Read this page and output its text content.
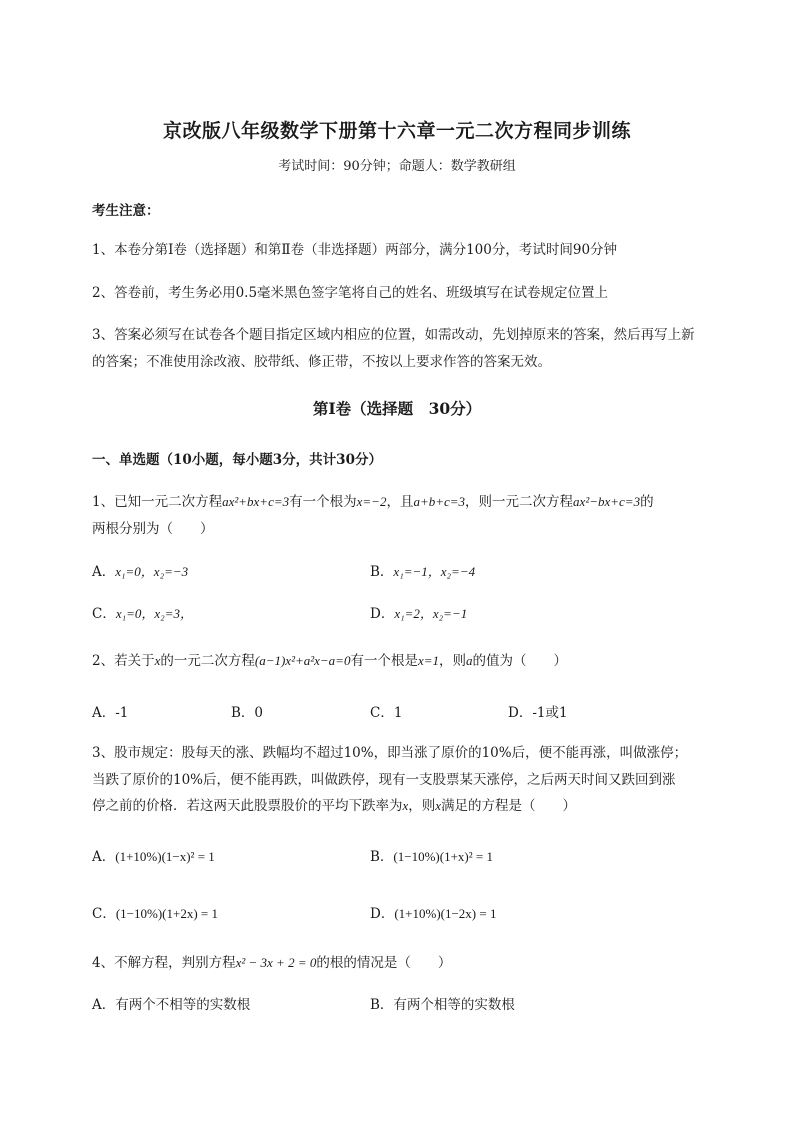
京改版八年级数学下册第十六章一元二次方程同步训练
考试时间：90分钟；命题人：数学教研组
考生注意：
1、本卷分第I卷（选择题）和第Ⅱ卷（非选择题）两部分，满分100分，考试时间90分钟
2、答卷前，考生务必用0.5毫米黑色签字笔将自己的姓名、班级填写在试卷规定位置上
3、答案必须写在试卷各个题目指定区域内相应的位置，如需改动，先划掉原来的答案，然后再写上新
的答案；不准使用涂改液、胶带纸、修正带，不按以上要求作答的答案无效。
第I卷（选择题　30分）
一、单选题（10小题，每小题3分，共计30分）
1、已知一元二次方程ax²+bx+c=3有一个根为x=−2，且a+b+c=3，则一元二次方程ax²−bx+c=3的
两根分别为（　　）
A．x₁=0，x₂=−3	B．x₁=−1，x₂=−4
C．x₁=0，x₂=3，	D．x₁=2，x₂=−1
2、若关于x的一元二次方程(a−1)x²+a²x−a=0有一个根是x=1，则a的值为（　　）
A．-1	B．0	C．1	D．-1或1
3、股市规定：股每天的涨、跌幅均不超过10%，即当涨了原价的10%后，便不能再涨，叫做涨停；
当跌了原价的10%后，便不能再跌，叫做跌停，现有一支股票某天涨停，之后两天时间又跌回到涨
停之前的价格．若这两天此股票股价的平均下跌率为x，则x满足的方程是（　　）
A．(1+10%)(1−x)² = 1	B．(1−10%)(1+x)² = 1
C．(1−10%)(1+2x) = 1	D．(1+10%)(1−2x) = 1
4、不解方程，判别方程x² − 3x + 2 = 0的根的情况是（　　）
A．有两个不相等的实数根	B．有两个相等的实数根
